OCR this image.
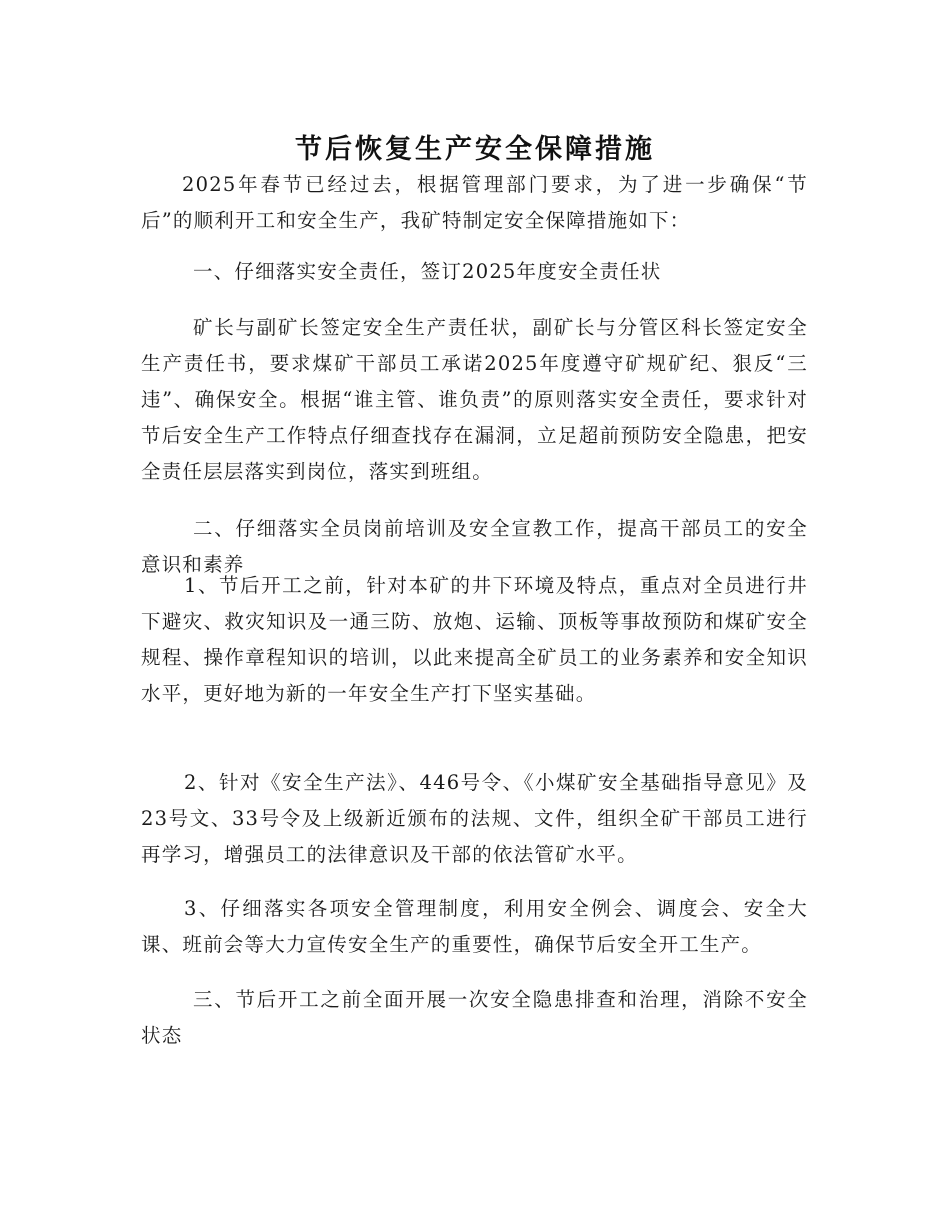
节后恢复生产安全保障措施

2025年春节已经过去，根据管理部门要求，为了进一步确保“节后”的顺利开工和安全生产，我矿特制定安全保障措施如下：

一、仔细落实安全责任，签订2025年度安全责任状

矿长与副矿长签定安全生产责任状，副矿长与分管区科长签定安全生产责任书，要求煤矿干部员工承诺2025年度遵守矿规矿纪、狠反“三违”、确保安全。根据“谁主管、谁负责”的原则落实安全责任，要求针对节后安全生产工作特点仔细查找存在漏洞，立足超前预防安全隐患，把安全责任层层落实到岗位，落实到班组。

二、仔细落实全员岗前培训及安全宣教工作，提高干部员工的安全意识和素养

1、节后开工之前，针对本矿的井下环境及特点，重点对全员进行井下避灾、救灾知识及一通三防、放炮、运输、顶板等事故预防和煤矿安全规程、操作章程知识的培训，以此来提高全矿员工的业务素养和安全知识水平，更好地为新的一年安全生产打下坚实基础。

2、针对《安全生产法》、446号令、《小煤矿安全基础指导意见》及23号文、33号令及上级新近颁布的法规、文件，组织全矿干部员工进行再学习，增强员工的法律意识及干部的依法管矿水平。

3、仔细落实各项安全管理制度，利用安全例会、调度会、安全大课、班前会等大力宣传安全生产的重要性，确保节后安全开工生产。

三、节后开工之前全面开展一次安全隐患排查和治理，消除不安全状态
